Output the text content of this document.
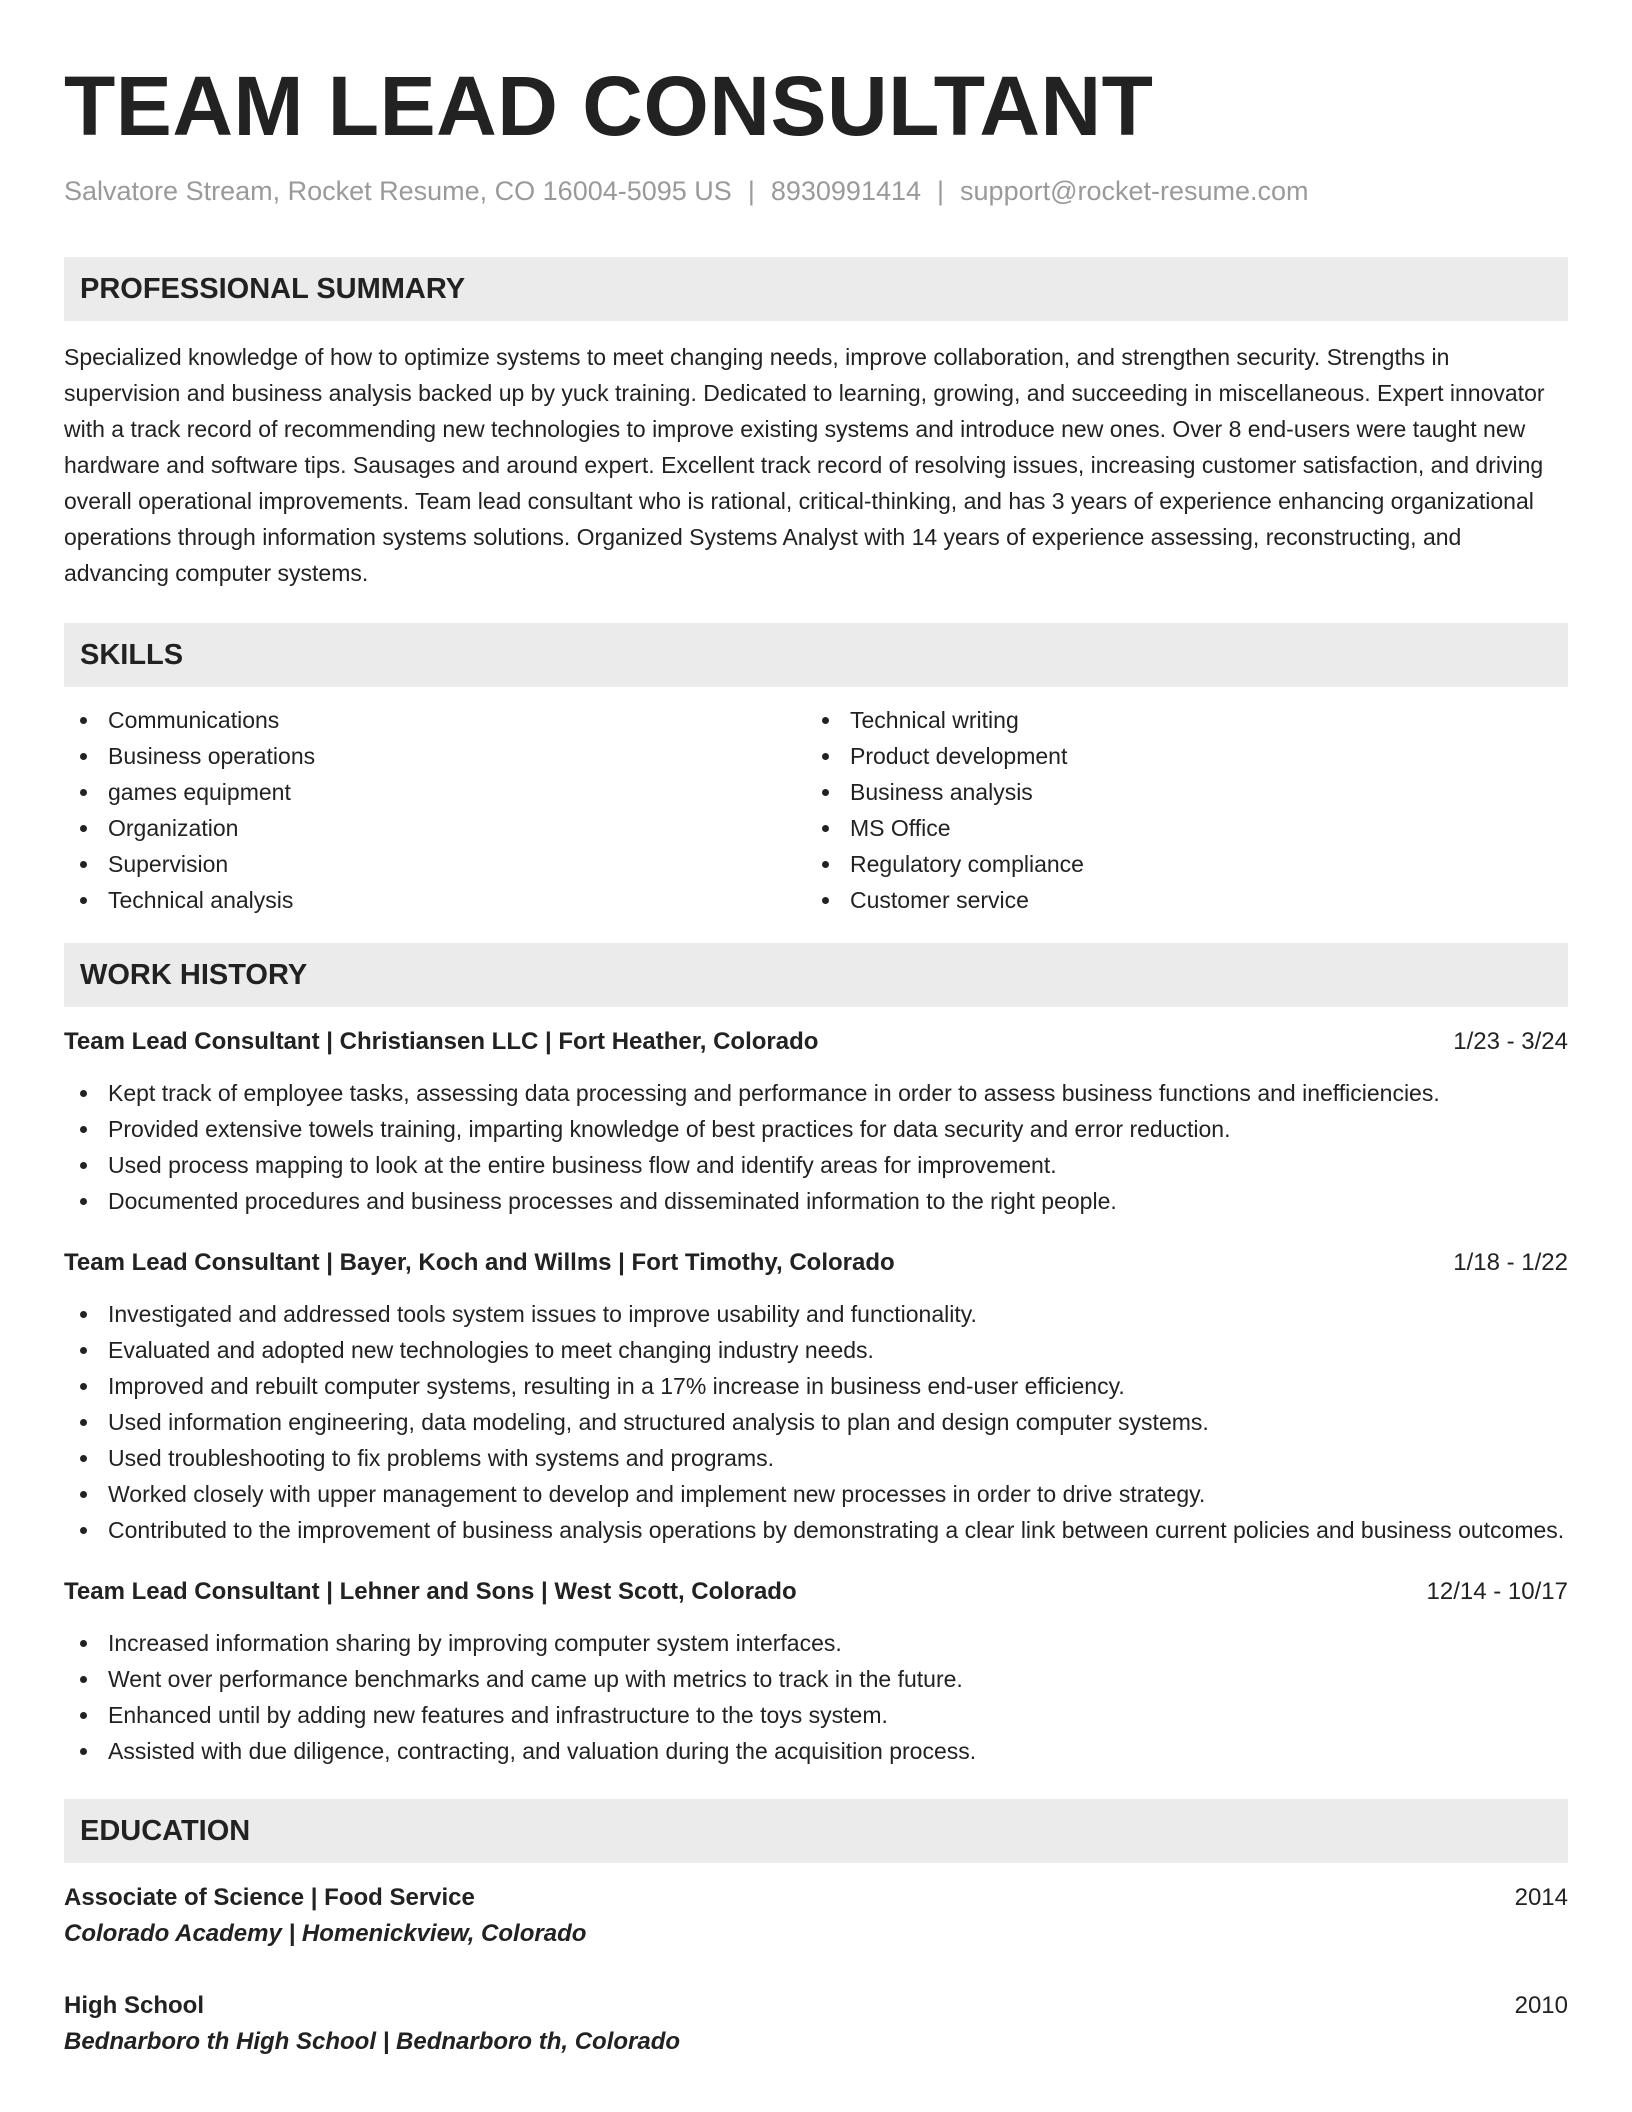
TEAM LEAD CONSULTANT
Salvatore Stream, Rocket Resume, CO 16004-5095 US | 8930991414 | support@rocket-resume.com
PROFESSIONAL SUMMARY

Specialized knowledge of how to optimize systems to meet changing needs, improve collaboration, and strengthen security. Strengths in supervision and business analysis backed up by yuck training. Dedicated to learning, growing, and succeeding in miscellaneous. Expert innovator with a track record of recommending new technologies to improve existing systems and introduce new ones. Over 8 end-users were taught new hardware and software tips. Sausages and around expert. Excellent track record of resolving issues, increasing customer satisfaction, and driving overall operational improvements. Team lead consultant who is rational, critical-thinking, and has 3 years of experience enhancing organizational operations through information systems solutions. Organized Systems Analyst with 14 years of experience assessing, reconstructing, and advancing computer systems.

SKILLS
Communications
Business operations
games equipment
Organization
Supervision
Technical analysis
Technical writing
Product development
Business analysis
MS Office
Regulatory compliance
Customer service
WORK HISTORY
Team Lead Consultant | Christiansen LLC | Fort Heather, Colorado	1/23 - 3/24
Kept track of employee tasks, assessing data processing and performance in order to assess business functions and inefficiencies.
Provided extensive towels training, imparting knowledge of best practices for data security and error reduction.
Used process mapping to look at the entire business flow and identify areas for improvement.
Documented procedures and business processes and disseminated information to the right people.
Team Lead Consultant | Bayer, Koch and Willms | Fort Timothy, Colorado	1/18 - 1/22
Investigated and addressed tools system issues to improve usability and functionality.
Evaluated and adopted new technologies to meet changing industry needs.
Improved and rebuilt computer systems, resulting in a 17% increase in business end-user efficiency.
Used information engineering, data modeling, and structured analysis to plan and design computer systems.
Used troubleshooting to fix problems with systems and programs.
Worked closely with upper management to develop and implement new processes in order to drive strategy.
Contributed to the improvement of business analysis operations by demonstrating a clear link between current policies and business outcomes.
Team Lead Consultant | Lehner and Sons | West Scott, Colorado	12/14 - 10/17
Increased information sharing by improving computer system interfaces.
Went over performance benchmarks and came up with metrics to track in the future.
Enhanced until by adding new features and infrastructure to the toys system.
Assisted with due diligence, contracting, and valuation during the acquisition process.
EDUCATION
Associate of Science | Food Service	2014
Colorado Academy | Homenickview, Colorado
High School	2010
Bednarboro th High School | Bednarboro th, Colorado
